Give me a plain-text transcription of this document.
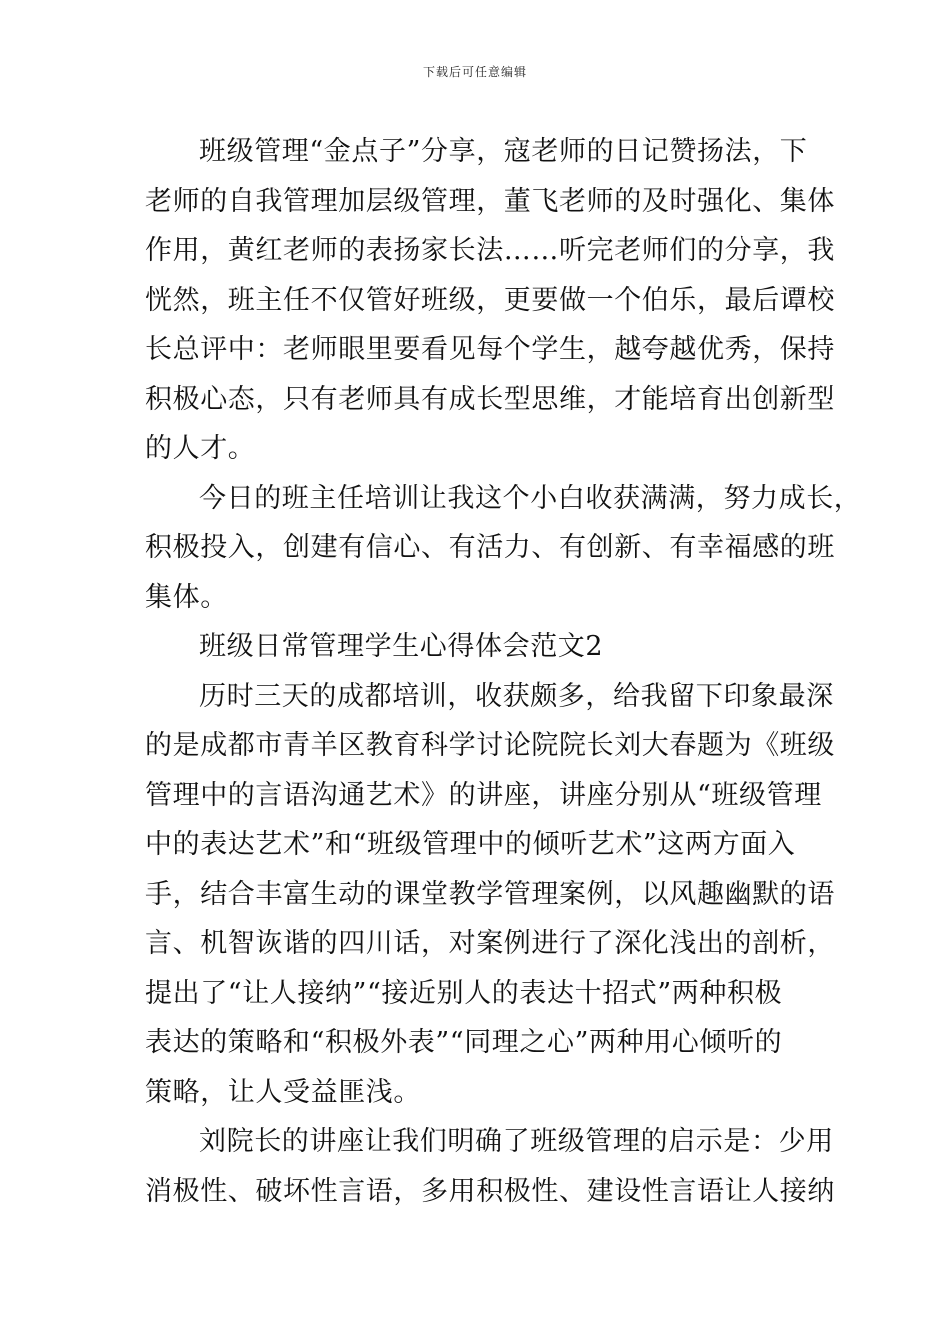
下载后可任意编辑
班级管理“金点子”分享，寇老师的日记赞扬法，下
老师的自我管理加层级管理，董飞老师的及时强化、集体
作用，黄红老师的表扬家长法……听完老师们的分享，我
恍然，班主任不仅管好班级，更要做一个伯乐，最后谭校
长总评中：老师眼里要看见每个学生，越夸越优秀，保持
积极心态，只有老师具有成长型思维，才能培育出创新型
的人才。
今日的班主任培训让我这个小白收获满满，努力成长，
积极投入，创建有信心、有活力、有创新、有幸福感的班
集体。
班级日常管理学生心得体会范文2
历时三天的成都培训，收获颇多，给我留下印象最深
的是成都市青羊区教育科学讨论院院长刘大春题为《班级
管理中的言语沟通艺术》的讲座，讲座分别从“班级管理
中的表达艺术”和“班级管理中的倾听艺术”这两方面入
手，结合丰富生动的课堂教学管理案例，以风趣幽默的语
言、机智诙谐的四川话，对案例进行了深化浅出的剖析，
提出了“让人接纳”“接近别人的表达十招式”两种积极
表达的策略和“积极外表”“同理之心”两种用心倾听的
策略，让人受益匪浅。
刘院长的讲座让我们明确了班级管理的启示是：少用
消极性、破坏性言语，多用积极性、建设性言语让人接纳
